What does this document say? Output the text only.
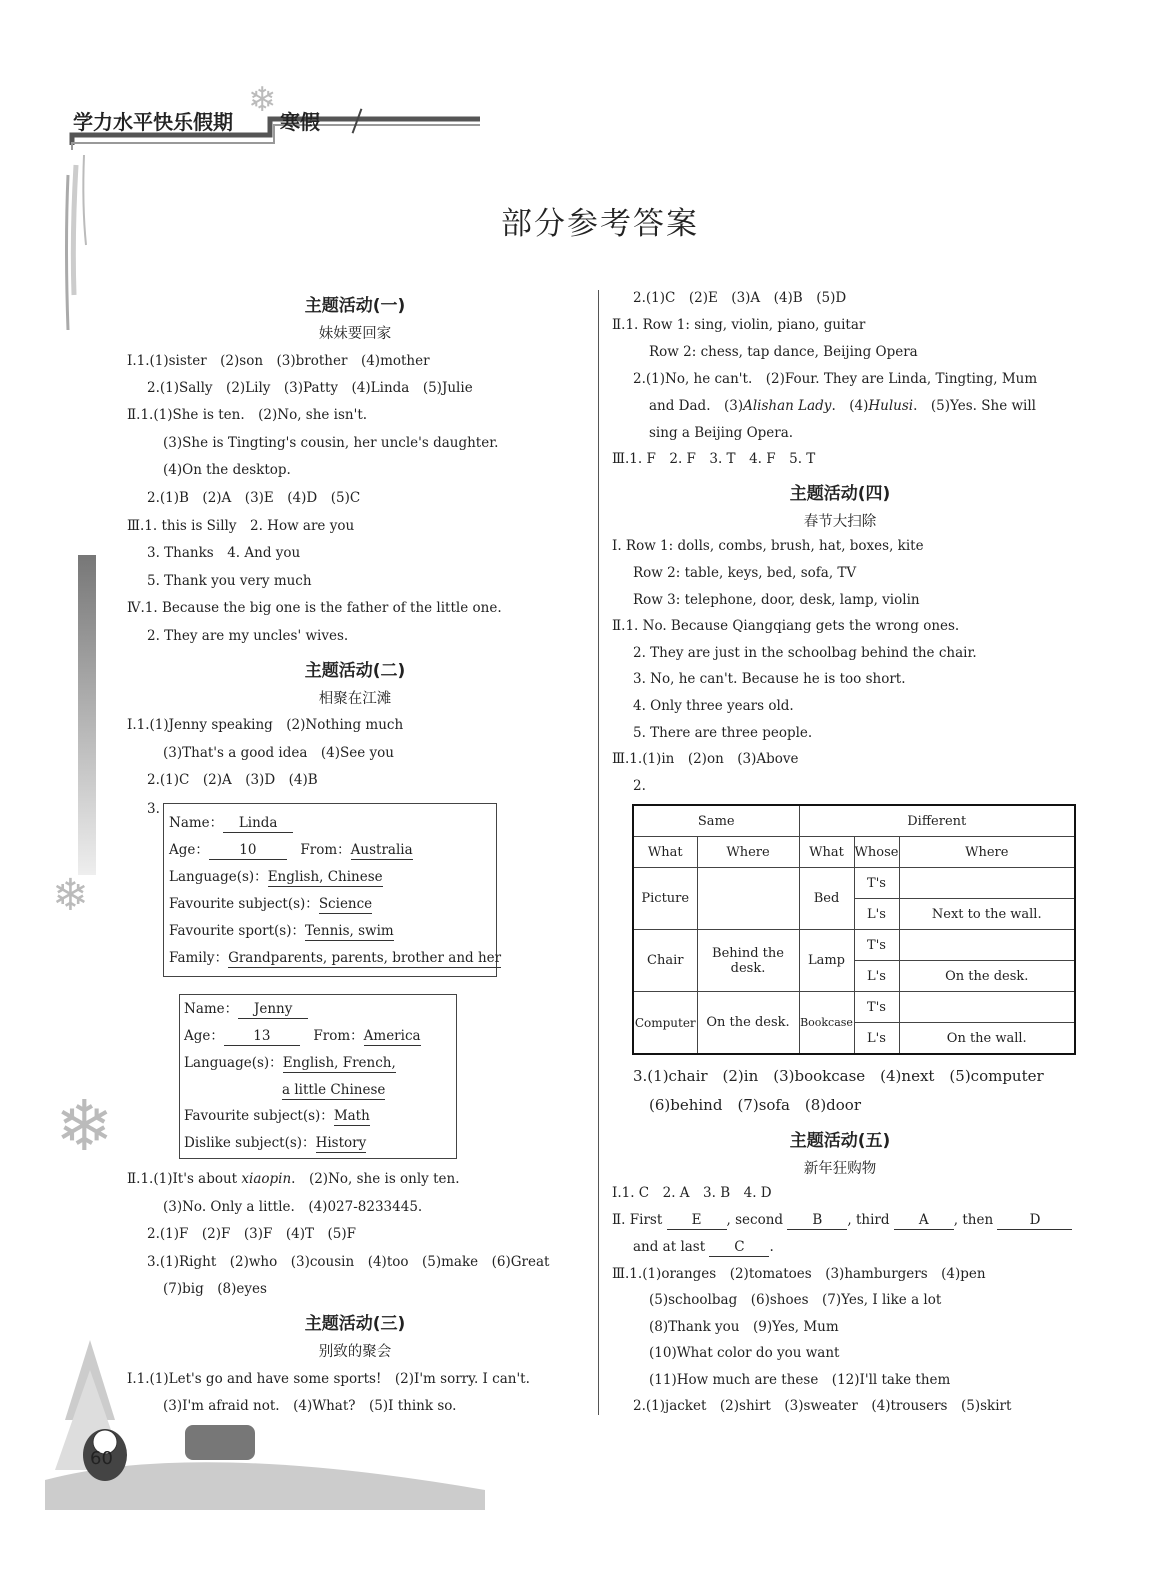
❄
学力水平快乐假期 寒假
部分参考答案
❄
❄
60
主题活动(一)
妹妹要回家
Ⅰ.1.(1)sister　(2)son　(3)brother　(4)mother
2.(1)Sally　(2)Lily　(3)Patty　(4)Linda　(5)Julie
Ⅱ.1.(1)She is ten.　(2)No, she isn't.
(3)She is Tingting's cousin, her uncle's daughter.
(4)On the desktop.
2.(1)B　(2)A　(3)E　(4)D　(5)C
Ⅲ.1. this is Silly　2. How are you
3. Thanks　4. And you
5. Thank you very much
Ⅳ.1. Because the big one is the father of the little one.
2. They are my uncles' wives.
主题活动(二)
相聚在江滩
Ⅰ.1.(1)Jenny speaking　(2)Nothing much
(3)That's a good idea　(4)See you
2.(1)C　(2)A　(3)D　(4)B
3.
Name： Linda
Age： 10　	From：Australia
Language(s)：English, Chinese
Favourite subject(s)：Science
Favourite sport(s)：Tennis, swim
Family：Grandparents, parents, brother and her
Name： Jenny
Age： 13　	From：America
Language(s)：English, French,
a little Chinese
Favourite subject(s)：Math
Dislike subject(s)：History
Ⅱ.1.(1)It's about xiaopin.　(2)No, she is only ten.
(3)No. Only a little.　(4)027-8233445.
2.(1)F　(2)F　(3)F　(4)T　(5)F
3.(1)Right　(2)who　(3)cousin　(4)too　(5)make　(6)Great
(7)big　(8)eyes
主题活动(三)
别致的聚会
Ⅰ.1.(1)Let's go and have some sports!　(2)I'm sorry. I can't.
(3)I'm afraid not.　(4)What?　(5)I think so.
2.(1)C　(2)E　(3)A　(4)B　(5)D
Ⅱ.1. Row 1: sing, violin, piano, guitar
Row 2: chess, tap dance, Beijing Opera
2.(1)No, he can't.　(2)Four. They are Linda, Tingting, Mum
and Dad.　(3)Alishan Lady.　(4)Hulusi.　(5)Yes. She will
sing a Beijing Opera.
Ⅲ.1. F　2. F　3. T　4. F　5. T
主题活动(四)
春节大扫除
Ⅰ. Row 1: dolls, combs, brush, hat, boxes, kite
Row 2: table, keys, bed, sofa, TV
Row 3: telephone, door, desk, lamp, violin
Ⅱ.1. No. Because Qiangqiang gets the wrong ones.
2. They are just in the schoolbag behind the chair.
3. No, he can't. Because he is too short.
4. Only three years old.
5. There are three people.
Ⅲ.1.(1)in　(2)on　(3)Above
2.
Same		Different		
What	Where	What	Whose	Where
Picture		Bed	T's	
			L's	Next to the wall.
Chair	Behind the desk.	Lamp	T's	
			L's	On the desk.
Computer	On the desk.	Bookcase	T's	
			L's	On the wall.
3.(1)chair　(2)in　(3)bookcase　(4)next　(5)computer
(6)behind　(7)sofa　(8)door
主题活动(五)
新年狂购物
Ⅰ.1. C　2. A　3. B　4. D
Ⅱ. First E , second B , third A , then	D
and at last C .
Ⅲ.1.(1)oranges　(2)tomatoes　(3)hamburgers　(4)pen
(5)schoolbag　(6)shoes　(7)Yes, I like a lot
(8)Thank you　(9)Yes, Mum
(10)What color do you want
(11)How much are these　(12)I'll take them
2.(1)jacket　(2)shirt　(3)sweater　(4)trousers　(5)skirt
